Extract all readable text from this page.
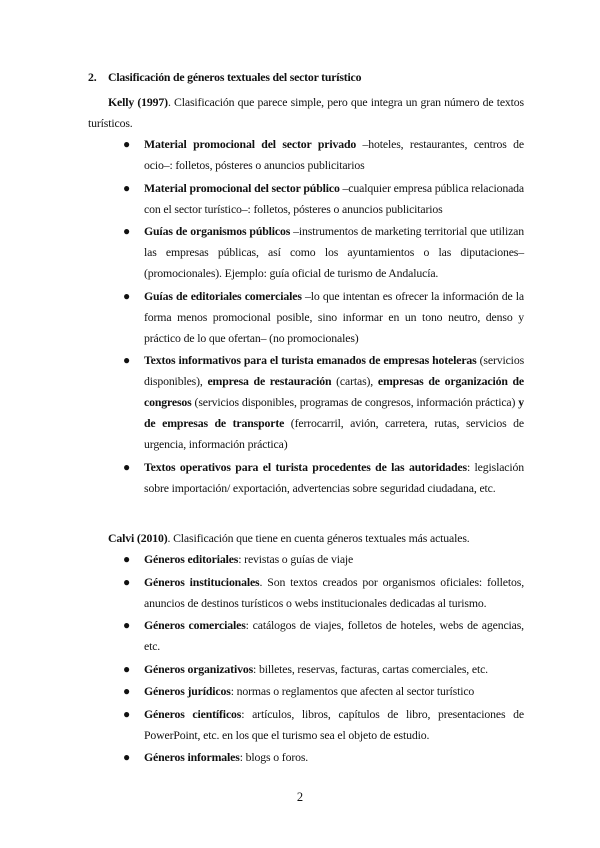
2. Clasificación de géneros textuales del sector turístico
Kelly (1997). Clasificación que parece simple, pero que integra un gran número de textos turísticos.
● Material promocional del sector privado –hoteles, restaurantes, centros de ocio–: folletos, pósteres o anuncios publicitarios
● Material promocional del sector público –cualquier empresa pública relacionada con el sector turístico–: folletos, pósteres o anuncios publicitarios
● Guías de organismos públicos –instrumentos de marketing territorial que utilizan las empresas públicas, así como los ayuntamientos o las diputaciones– (promocionales). Ejemplo: guía oficial de turismo de Andalucía.
● Guías de editoriales comerciales –lo que intentan es ofrecer la información de la forma menos promocional posible, sino informar en un tono neutro, denso y práctico de lo que ofertan– (no promocionales)
● Textos informativos para el turista emanados de empresas hoteleras (servicios disponibles), empresa de restauración (cartas), empresas de organización de congresos (servicios disponibles, programas de congresos, información práctica) y de empresas de transporte (ferrocarril, avión, carretera, rutas, servicios de urgencia, información práctica)
● Textos operativos para el turista procedentes de las autoridades: legislación sobre importación/ exportación, advertencias sobre seguridad ciudadana, etc.
Calvi (2010). Clasificación que tiene en cuenta géneros textuales más actuales.
● Géneros editoriales: revistas o guías de viaje
● Géneros institucionales. Son textos creados por organismos oficiales: folletos, anuncios de destinos turísticos o webs institucionales dedicadas al turismo.
● Géneros comerciales: catálogos de viajes, folletos de hoteles, webs de agencias, etc.
● Géneros organizativos: billetes, reservas, facturas, cartas comerciales, etc.
● Géneros jurídicos: normas o reglamentos que afecten al sector turístico
● Géneros científicos: artículos, libros, capítulos de libro, presentaciones de PowerPoint, etc. en los que el turismo sea el objeto de estudio.
● Géneros informales: blogs o foros.
2
